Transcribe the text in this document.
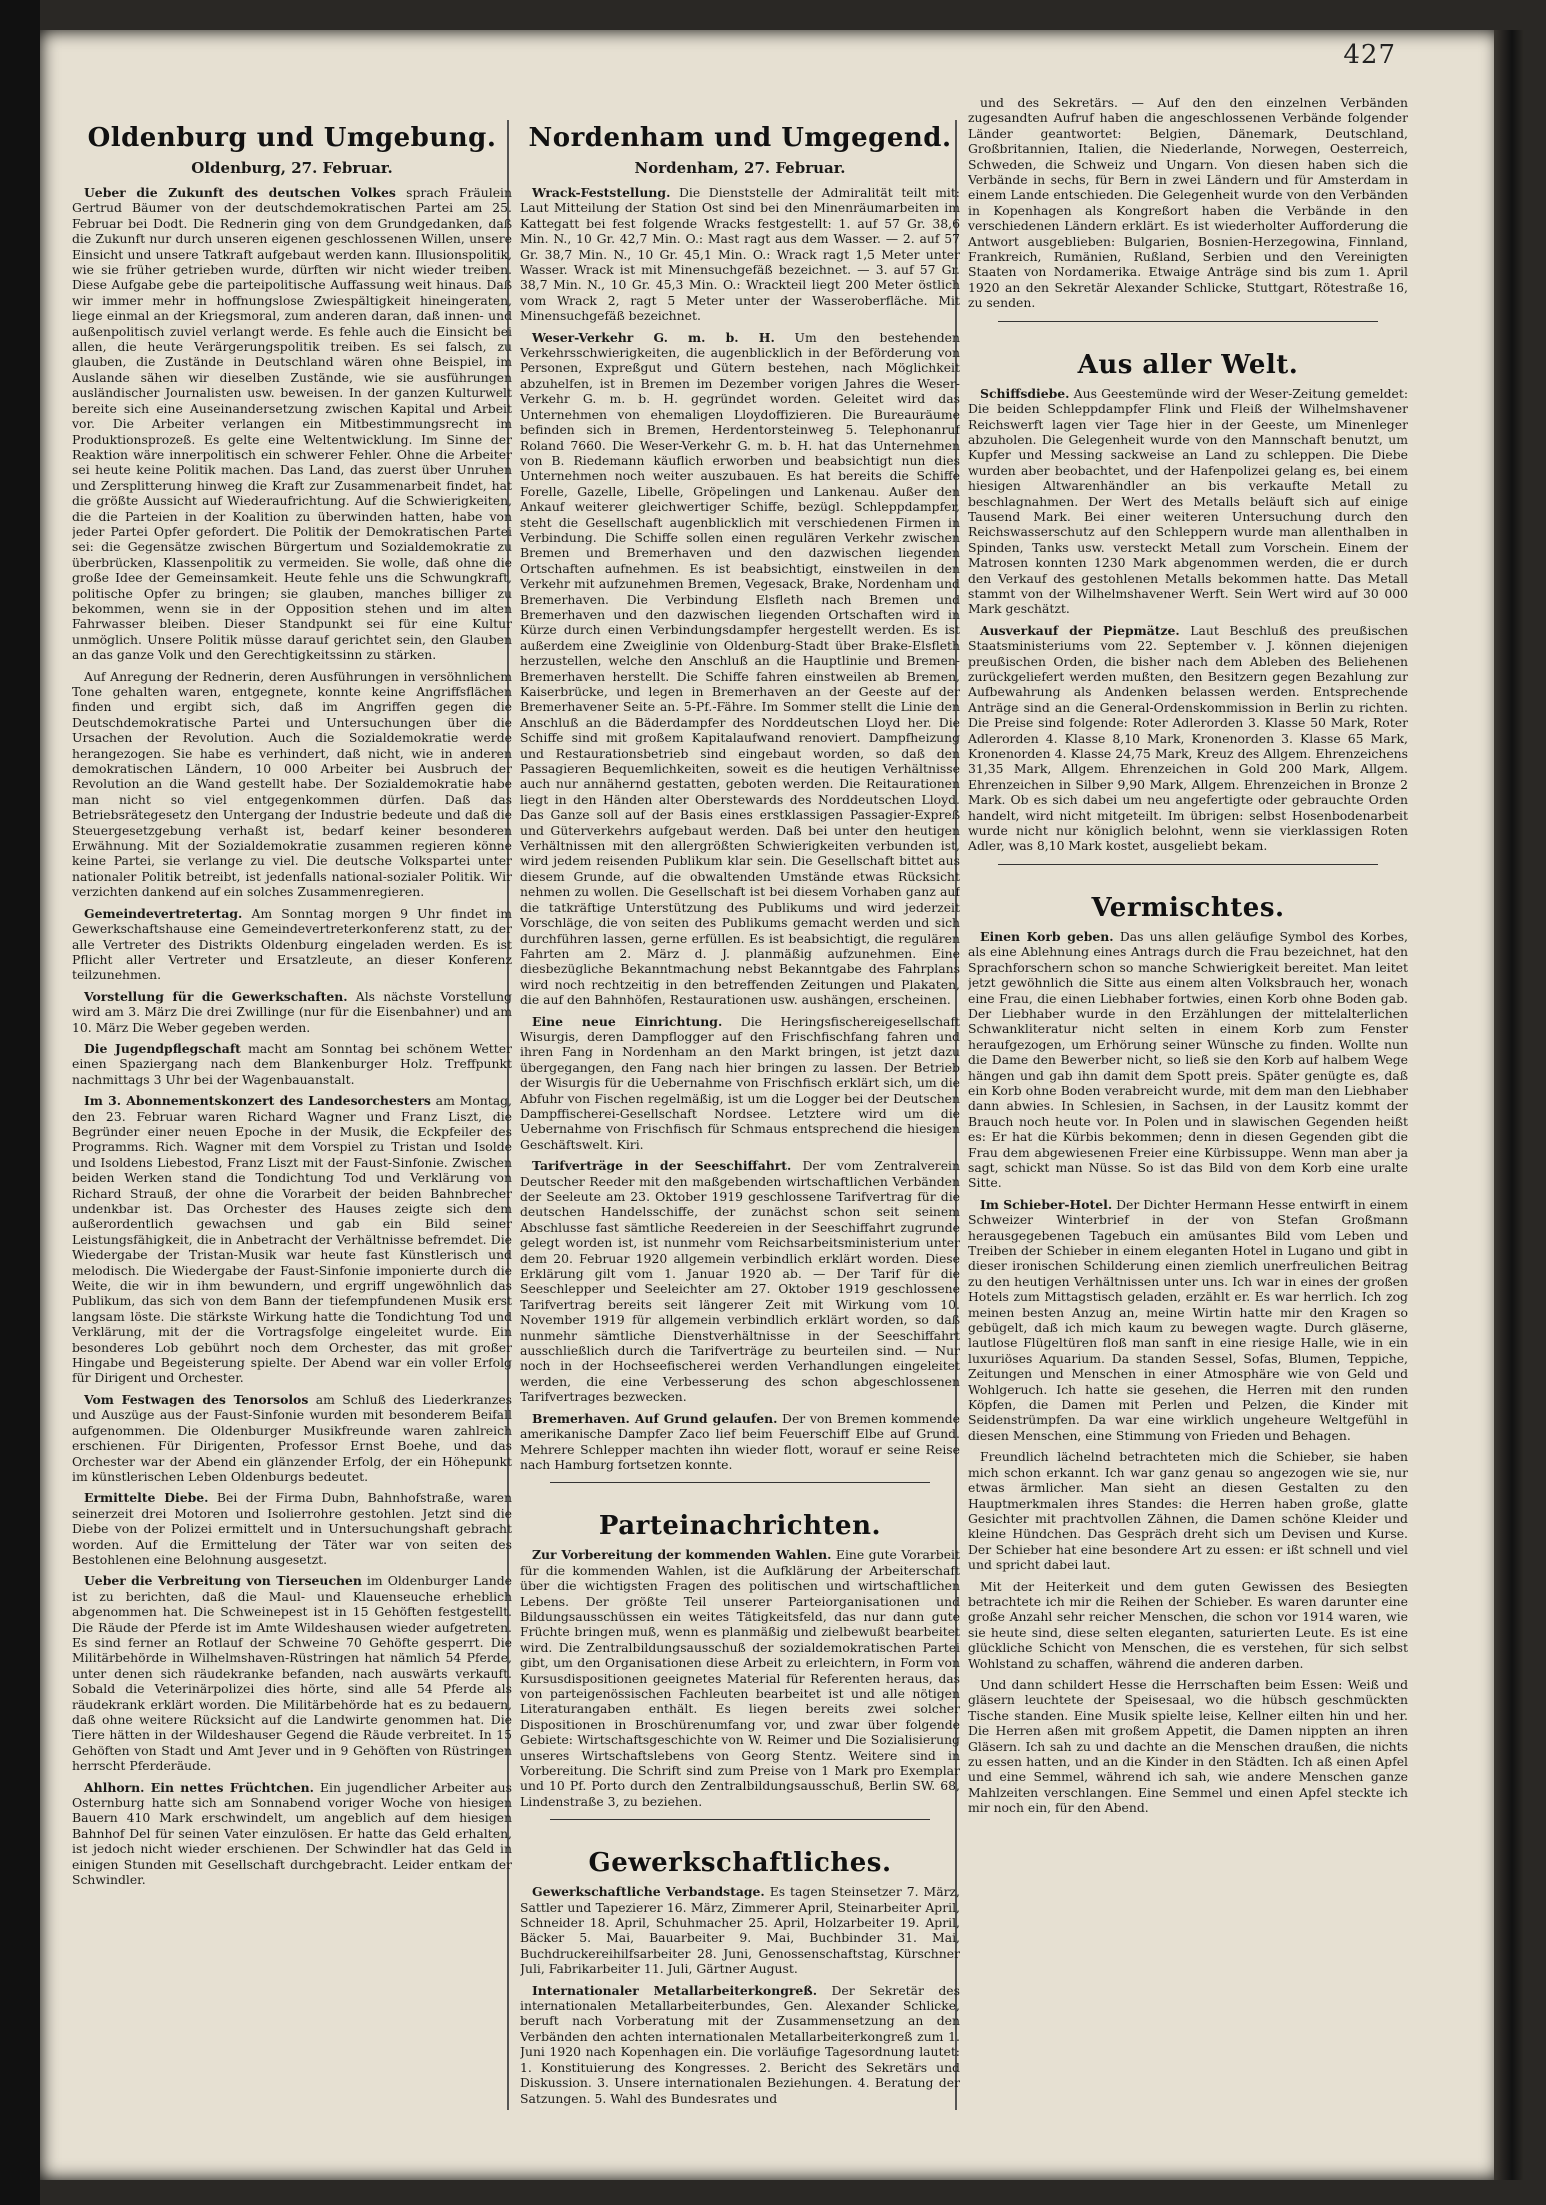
427
Oldenburg und Umgebung.
Oldenburg, 27. Februar.

Ueber die Zukunft des deutschen Volkes sprach Fräulein Gertrud Bäumer von der deutschdemokratischen Partei am 25. Februar bei Dodt. Die Rednerin ging von dem Grundgedanken, daß die Zukunft nur durch unseren eigenen geschlossenen Willen, unsere Einsicht und unsere Tatkraft aufgebaut werden kann. Illusionspolitik, wie sie früher getrieben wurde, dürften wir nicht wieder treiben. Diese Aufgabe gebe die parteipolitische Auffassung weit hinaus. Daß wir immer mehr in hoffnungslose Zwiespältigkeit hineingeraten, liege einmal an der Kriegsmoral, zum anderen daran, daß innen- und außenpolitisch zuviel verlangt werde. Es fehle auch die Einsicht bei allen, die heute Verärgerungspolitik treiben. Es sei falsch, zu glauben, die Zustände in Deutschland wären ohne Beispiel, im Auslande sähen wir dieselben Zustände, wie sie ausführungen ausländischer Journalisten usw. beweisen. In der ganzen Kulturwelt bereite sich eine Auseinandersetzung zwischen Kapital und Arbeit vor. Die Arbeiter verlangen ein Mitbestimmungsrecht im Produktionsprozeß. Es gelte eine Weltentwicklung. Im Sinne der Reaktion wäre innerpolitisch ein schwerer Fehler. Ohne die Arbeiter sei heute keine Politik machen. Das Land, das zuerst über Unruhen und Zersplitterung hinweg die Kraft zur Zusammenarbeit findet, hat die größte Aussicht auf Wiederaufrichtung. Auf die Schwierigkeiten, die die Parteien in der Koalition zu überwinden hatten, habe von jeder Partei Opfer gefordert. Die Politik der Demokratischen Partei sei: die Gegensätze zwischen Bürgertum und Sozialdemokratie zu überbrücken, Klassenpolitik zu vermeiden. Sie wolle, daß ohne die große Idee der Gemeinsamkeit. Heute fehle uns die Schwungkraft, politische Opfer zu bringen; sie glauben, manches billiger zu bekommen, wenn sie in der Opposition stehen und im alten Fahrwasser bleiben. Dieser Standpunkt sei für eine Kultur unmöglich. Unsere Politik müsse darauf gerichtet sein, den Glauben an das ganze Volk und den Gerechtigkeitssinn zu stärken.

Auf Anregung der Rednerin, deren Ausführungen in versöhnlichem Tone gehalten waren, entgegnete, konnte keine Angriffsflächen finden und ergibt sich, daß im Angriffen gegen die Deutschdemokratische Partei und Untersuchungen über die Ursachen der Revolution. Auch die Sozialdemokratie werde herangezogen. Sie habe es verhindert, daß nicht, wie in anderen demokratischen Ländern, 10 000 Arbeiter bei Ausbruch der Revolution an die Wand gestellt habe. Der Sozialdemokratie habe man nicht so viel entgegenkommen dürfen. Daß das Betriebsrätegesetz den Untergang der Industrie bedeute und daß die Steuergesetzgebung verhaßt ist, bedarf keiner besonderen Erwähnung. Mit der Sozialdemokratie zusammen regieren könne keine Partei, sie verlange zu viel. Die deutsche Volkspartei unter nationaler Politik betreibt, ist jedenfalls national-sozialer Politik. Wir verzichten dankend auf ein solches Zusammenregieren.

Gemeindevertretertag. Am Sonntag morgen 9 Uhr findet im Gewerkschaftshause eine Gemeindevertreterkonferenz statt, zu der alle Vertreter des Distrikts Oldenburg eingeladen werden. Es ist Pflicht aller Vertreter und Ersatzleute, an dieser Konferenz teilzunehmen.

Vorstellung für die Gewerkschaften. Als nächste Vorstellung wird am 3. März Die drei Zwillinge (nur für die Eisenbahner) und am 10. März Die Weber gegeben werden.

Die Jugendpflegschaft macht am Sonntag bei schönem Wetter einen Spaziergang nach dem Blankenburger Holz. Treffpunkt nachmittags 3 Uhr bei der Wagenbauanstalt.

Im 3. Abonnementskonzert des Landesorchesters am Montag, den 23. Februar waren Richard Wagner und Franz Liszt, die Begründer einer neuen Epoche in der Musik, die Eckpfeiler des Programms. Rich. Wagner mit dem Vorspiel zu Tristan und Isolde und Isoldens Liebestod, Franz Liszt mit der Faust-Sinfonie. Zwischen beiden Werken stand die Tondichtung Tod und Verklärung von Richard Strauß, der ohne die Vorarbeit der beiden Bahnbrecher undenkbar ist. Das Orchester des Hauses zeigte sich dem außerordentlich gewachsen und gab ein Bild seiner Leistungsfähigkeit, die in Anbetracht der Verhältnisse befremdet. Die Wiedergabe der Tristan-Musik war heute fast Künstlerisch und melodisch. Die Wiedergabe der Faust-Sinfonie imponierte durch die Weite, die wir in ihm bewundern, und ergriff ungewöhnlich das Publikum, das sich von dem Bann der tiefempfundenen Musik erst langsam löste. Die stärkste Wirkung hatte die Tondichtung Tod und Verklärung, mit der die Vortragsfolge eingeleitet wurde. Ein besonderes Lob gebührt noch dem Orchester, das mit großer Hingabe und Begeisterung spielte. Der Abend war ein voller Erfolg für Dirigent und Orchester.

Vom Festwagen des Tenorsolos am Schluß des Liederkranzes und Auszüge aus der Faust-Sinfonie wurden mit besonderem Beifall aufgenommen. Die Oldenburger Musikfreunde waren zahlreich erschienen. Für Dirigenten, Professor Ernst Boehe, und das Orchester war der Abend ein glänzender Erfolg, der ein Höhepunkt im künstlerischen Leben Oldenburgs bedeutet.

Ermittelte Diebe. Bei der Firma Dubn, Bahnhofstraße, waren seinerzeit drei Motoren und Isolierrohre gestohlen. Jetzt sind die Diebe von der Polizei ermittelt und in Untersuchungshaft gebracht worden. Auf die Ermittelung der Täter war von seiten des Bestohlenen eine Belohnung ausgesetzt.

Ueber die Verbreitung von Tierseuchen im Oldenburger Lande ist zu berichten, daß die Maul- und Klauenseuche erheblich abgenommen hat. Die Schweinepest ist in 15 Gehöften festgestellt. Die Räude der Pferde ist im Amte Wildeshausen wieder aufgetreten. Es sind ferner an Rotlauf der Schweine 70 Gehöfte gesperrt. Die Militärbehörde in Wilhelmshaven-Rüstringen hat nämlich 54 Pferde, unter denen sich räudekranke befanden, nach auswärts verkauft. Sobald die Veterinärpolizei dies hörte, sind alle 54 Pferde als räudekrank erklärt worden. Die Militärbehörde hat es zu bedauern, daß ohne weitere Rücksicht auf die Landwirte genommen hat. Die Tiere hätten in der Wildeshauser Gegend die Räude verbreitet. In 15 Gehöften von Stadt und Amt Jever und in 9 Gehöften von Rüstringen herrscht Pferderäude.

Ahlhorn. Ein nettes Früchtchen. Ein jugendlicher Arbeiter aus Osternburg hatte sich am Sonnabend voriger Woche von hiesigen Bauern 410 Mark erschwindelt, um angeblich auf dem hiesigen Bahnhof Del für seinen Vater einzulösen. Er hatte das Geld erhalten, ist jedoch nicht wieder erschienen. Der Schwindler hat das Geld in einigen Stunden mit Gesellschaft durchgebracht. Leider entkam der Schwindler.

Nordenham und Umgegend.
Nordenham, 27. Februar.

Wrack-Feststellung. Die Dienststelle der Admiralität teilt mit: Laut Mitteilung der Station Ost sind bei den Minenräumarbeiten im Kattegatt bei fest folgende Wracks festgestellt: 1. auf 57 Gr. 38,6 Min. N., 10 Gr. 42,7 Min. O.: Mast ragt aus dem Wasser. — 2. auf 57 Gr. 38,7 Min. N., 10 Gr. 45,1 Min. O.: Wrack ragt 1,5 Meter unter Wasser. Wrack ist mit Minensuchgefäß bezeichnet. — 3. auf 57 Gr. 38,7 Min. N., 10 Gr. 45,3 Min. O.: Wrackteil liegt 200 Meter östlich vom Wrack 2, ragt 5 Meter unter der Wasseroberfläche. Mit Minensuchgefäß bezeichnet.

Weser-Verkehr G. m. b. H. Um den bestehenden Verkehrsschwierigkeiten, die augenblicklich in der Beförderung von Personen, Expreßgut und Gütern bestehen, nach Möglichkeit abzuhelfen, ist in Bremen im Dezember vorigen Jahres die Weser-Verkehr G. m. b. H. gegründet worden. Geleitet wird das Unternehmen von ehemaligen Lloydoffizieren. Die Bureauräume befinden sich in Bremen, Herdentorsteinweg 5. Telephonanruf Roland 7660. Die Weser-Verkehr G. m. b. H. hat das Unternehmen von B. Riedemann käuflich erworben und beabsichtigt nun dies Unternehmen noch weiter auszubauen. Es hat bereits die Schiffe Forelle, Gazelle, Libelle, Gröpelingen und Lankenau. Außer den Ankauf weiterer gleichwertiger Schiffe, bezügl. Schleppdampfer, steht die Gesellschaft augenblicklich mit verschiedenen Firmen in Verbindung. Die Schiffe sollen einen regulären Verkehr zwischen Bremen und Bremerhaven und den dazwischen liegenden Ortschaften aufnehmen. Es ist beabsichtigt, einstweilen in den Verkehr mit aufzunehmen Bremen, Vegesack, Brake, Nordenham und Bremerhaven. Die Verbindung Elsfleth nach Bremen und Bremerhaven und den dazwischen liegenden Ortschaften wird in Kürze durch einen Verbindungsdampfer hergestellt werden. Es ist außerdem eine Zweiglinie von Oldenburg-Stadt über Brake-Elsfleth herzustellen, welche den Anschluß an die Hauptlinie und Bremen-Bremerhaven herstellt. Die Schiffe fahren einstweilen ab Bremen, Kaiserbrücke, und legen in Bremerhaven an der Geeste auf der Bremerhavener Seite an. 5-Pf.-Fähre. Im Sommer stellt die Linie den Anschluß an die Bäderdampfer des Norddeutschen Lloyd her. Die Schiffe sind mit großem Kapitalaufwand renoviert. Dampfheizung und Restaurationsbetrieb sind eingebaut worden, so daß den Passagieren Bequemlichkeiten, soweit es die heutigen Verhältnisse auch nur annähernd gestatten, geboten werden. Die Reitaurationen liegt in den Händen alter Oberstewards des Norddeutschen Lloyd. Das Ganze soll auf der Basis eines erstklassigen Passagier-Expreß und Güterverkehrs aufgebaut werden. Daß bei unter den heutigen Verhältnissen mit den allergrößten Schwierigkeiten verbunden ist, wird jedem reisenden Publikum klar sein. Die Gesellschaft bittet aus diesem Grunde, auf die obwaltenden Umstände etwas Rücksicht nehmen zu wollen. Die Gesellschaft ist bei diesem Vorhaben ganz auf die tatkräftige Unterstützung des Publikums und wird jederzeit Vorschläge, die von seiten des Publikums gemacht werden und sich durchführen lassen, gerne erfüllen. Es ist beabsichtigt, die regulären Fahrten am 2. März d. J. planmäßig aufzunehmen. Eine diesbezügliche Bekanntmachung nebst Bekanntgabe des Fahrplans wird noch rechtzeitig in den betreffenden Zeitungen und Plakaten, die auf den Bahnhöfen, Restaurationen usw. aushängen, erscheinen.

Eine neue Einrichtung. Die Heringsfischereigesellschaft Wisurgis, deren Dampflogger auf den Frischfischfang fahren und ihren Fang in Nordenham an den Markt bringen, ist jetzt dazu übergegangen, den Fang nach hier bringen zu lassen. Der Betrieb der Wisurgis für die Uebernahme von Frischfisch erklärt sich, um die Abfuhr von Fischen regelmäßig, ist um die Logger bei der Deutschen Dampffischerei-Gesellschaft Nordsee. Letztere wird um die Uebernahme von Frischfisch für Schmaus entsprechend die hiesigen Geschäftswelt. Kiri.

Tarifverträge in der Seeschiffahrt. Der vom Zentralverein Deutscher Reeder mit den maßgebenden wirtschaftlichen Verbänden der Seeleute am 23. Oktober 1919 geschlossene Tarifvertrag für die deutschen Handelsschiffe, der zunächst schon seit seinem Abschlusse fast sämtliche Reedereien in der Seeschiffahrt zugrunde gelegt worden ist, ist nunmehr vom Reichsarbeitsministerium unter dem 20. Februar 1920 allgemein verbindlich erklärt worden. Diese Erklärung gilt vom 1. Januar 1920 ab. — Der Tarif für die Seeschlepper und Seeleichter am 27. Oktober 1919 geschlossene Tarifvertrag bereits seit längerer Zeit mit Wirkung vom 10. November 1919 für allgemein verbindlich erklärt worden, so daß nunmehr sämtliche Dienstverhältnisse in der Seeschiffahrt ausschließlich durch die Tarifverträge zu beurteilen sind. — Nur noch in der Hochseefischerei werden Verhandlungen eingeleitet werden, die eine Verbesserung des schon abgeschlossenen Tarifvertrages bezwecken.

Bremerhaven. Auf Grund gelaufen. Der von Bremen kommende amerikanische Dampfer Zaco lief beim Feuerschiff Elbe auf Grund. Mehrere Schlepper machten ihn wieder flott, worauf er seine Reise nach Hamburg fortsetzen konnte.

Parteinachrichten.

Zur Vorbereitung der kommenden Wahlen. Eine gute Vorarbeit für die kommenden Wahlen, ist die Aufklärung der Arbeiterschaft über die wichtigsten Fragen des politischen und wirtschaftlichen Lebens. Der größte Teil unserer Parteiorganisationen und Bildungsausschüssen ein weites Tätigkeitsfeld, das nur dann gute Früchte bringen muß, wenn es planmäßig und zielbewußt bearbeitet wird. Die Zentralbildungsausschuß der sozialdemokratischen Partei gibt, um den Organisationen diese Arbeit zu erleichtern, in Form von Kursusdispositionen geeignetes Material für Referenten heraus, das von parteigenössischen Fachleuten bearbeitet ist und alle nötigen Literaturangaben enthält. Es liegen bereits zwei solcher Dispositionen in Broschürenumfang vor, und zwar über folgende Gebiete: Wirtschaftsgeschichte von W. Reimer und Die Sozialisierung unseres Wirtschaftslebens von Georg Stentz. Weitere sind in Vorbereitung. Die Schrift sind zum Preise von 1 Mark pro Exemplar und 10 Pf. Porto durch den Zentralbildungsausschuß, Berlin SW. 68, Lindenstraße 3, zu beziehen.

Gewerkschaftliches.

Gewerkschaftliche Verbandstage. Es tagen Steinsetzer 7. März, Sattler und Tapezierer 16. März, Zimmerer April, Steinarbeiter April, Schneider 18. April, Schuhmacher 25. April, Holzarbeiter 19. April, Bäcker 5. Mai, Bauarbeiter 9. Mai, Buchbinder 31. Mai, Buchdruckereihilfsarbeiter 28. Juni, Genossenschaftstag, Kürschner Juli, Fabrikarbeiter 11. Juli, Gärtner August.

Internationaler Metallarbeiterkongreß. Der Sekretär des internationalen Metallarbeiterbundes, Gen. Alexander Schlicke, beruft nach Vorberatung mit der Zusammensetzung an den Verbänden den achten internationalen Metallarbeiterkongreß zum 1. Juni 1920 nach Kopenhagen ein. Die vorläufige Tagesordnung lautet: 1. Konstituierung des Kongresses. 2. Bericht des Sekretärs und Diskussion. 3. Unsere internationalen Beziehungen. 4. Beratung der Satzungen. 5. Wahl des Bundesrates und

und des Sekretärs. — Auf den den einzelnen Verbänden zugesandten Aufruf haben die angeschlossenen Verbände folgender Länder geantwortet: Belgien, Dänemark, Deutschland, Großbritannien, Italien, die Niederlande, Norwegen, Oesterreich, Schweden, die Schweiz und Ungarn. Von diesen haben sich die Verbände in sechs, für Bern in zwei Ländern und für Amsterdam in einem Lande entschieden. Die Gelegenheit wurde von den Verbänden in Kopenhagen als Kongreßort haben die Verbände in den verschiedenen Ländern erklärt. Es ist wiederholter Aufforderung die Antwort ausgeblieben: Bulgarien, Bosnien-Herzegowina, Finnland, Frankreich, Rumänien, Rußland, Serbien und den Vereinigten Staaten von Nordamerika. Etwaige Anträge sind bis zum 1. April 1920 an den Sekretär Alexander Schlicke, Stuttgart, Rötestraße 16, zu senden.

Aus aller Welt.

Schiffsdiebe. Aus Geestemünde wird der Weser-Zeitung gemeldet: Die beiden Schleppdampfer Flink und Fleiß der Wilhelmshavener Reichswerft lagen vier Tage hier in der Geeste, um Minenleger abzuholen. Die Gelegenheit wurde von den Mannschaft benutzt, um Kupfer und Messing sackweise an Land zu schleppen. Die Diebe wurden aber beobachtet, und der Hafenpolizei gelang es, bei einem hiesigen Altwarenhändler an bis verkaufte Metall zu beschlagnahmen. Der Wert des Metalls beläuft sich auf einige Tausend Mark. Bei einer weiteren Untersuchung durch den Reichswasserschutz auf den Schleppern wurde man allenthalben in Spinden, Tanks usw. versteckt Metall zum Vorschein. Einem der Matrosen konnten 1230 Mark abgenommen werden, die er durch den Verkauf des gestohlenen Metalls bekommen hatte. Das Metall stammt von der Wilhelmshavener Werft. Sein Wert wird auf 30 000 Mark geschätzt.

Ausverkauf der Piepmätze. Laut Beschluß des preußischen Staatsministeriums vom 22. September v. J. können diejenigen preußischen Orden, die bisher nach dem Ableben des Beliehenen zurückgeliefert werden mußten, den Besitzern gegen Bezahlung zur Aufbewahrung als Andenken belassen werden. Entsprechende Anträge sind an die General-Ordenskommission in Berlin zu richten. Die Preise sind folgende: Roter Adlerorden 3. Klasse 50 Mark, Roter Adlerorden 4. Klasse 8,10 Mark, Kronenorden 3. Klasse 65 Mark, Kronenorden 4. Klasse 24,75 Mark, Kreuz des Allgem. Ehrenzeichens 31,35 Mark, Allgem. Ehrenzeichen in Gold 200 Mark, Allgem. Ehrenzeichen in Silber 9,90 Mark, Allgem. Ehrenzeichen in Bronze 2 Mark. Ob es sich dabei um neu angefertigte oder gebrauchte Orden handelt, wird nicht mitgeteilt. Im übrigen: selbst Hosenbodenarbeit wurde nicht nur königlich belohnt, wenn sie vierklassigen Roten Adler, was 8,10 Mark kostet, ausgeliebt bekam.

Vermischtes.

Einen Korb geben. Das uns allen geläufige Symbol des Korbes, als eine Ablehnung eines Antrags durch die Frau bezeichnet, hat den Sprachforschern schon so manche Schwierigkeit bereitet. Man leitet jetzt gewöhnlich die Sitte aus einem alten Volksbrauch her, wonach eine Frau, die einen Liebhaber fortwies, einen Korb ohne Boden gab. Der Liebhaber wurde in den Erzählungen der mittelalterlichen Schwankliteratur nicht selten in einem Korb zum Fenster heraufgezogen, um Erhörung seiner Wünsche zu finden. Wollte nun die Dame den Bewerber nicht, so ließ sie den Korb auf halbem Wege hängen und gab ihn damit dem Spott preis. Später genügte es, daß ein Korb ohne Boden verabreicht wurde, mit dem man den Liebhaber dann abwies. In Schlesien, in Sachsen, in der Lausitz kommt der Brauch noch heute vor. In Polen und in slawischen Gegenden heißt es: Er hat die Kürbis bekommen; denn in diesen Gegenden gibt die Frau dem abgewiesenen Freier eine Kürbissuppe. Wenn man aber ja sagt, schickt man Nüsse. So ist das Bild von dem Korb eine uralte Sitte.

Im Schieber-Hotel. Der Dichter Hermann Hesse entwirft in einem Schweizer Winterbrief in der von Stefan Großmann herausgegebenen Tagebuch ein amüsantes Bild vom Leben und Treiben der Schieber in einem eleganten Hotel in Lugano und gibt in dieser ironischen Schilderung einen ziemlich unerfreulichen Beitrag zu den heutigen Verhältnissen unter uns. Ich war in eines der großen Hotels zum Mittagstisch geladen, erzählt er. Es war herrlich. Ich zog meinen besten Anzug an, meine Wirtin hatte mir den Kragen so gebügelt, daß ich mich kaum zu bewegen wagte. Durch gläserne, lautlose Flügeltüren floß man sanft in eine riesige Halle, wie in ein luxuriöses Aquarium. Da standen Sessel, Sofas, Blumen, Teppiche, Zeitungen und Menschen in einer Atmosphäre wie von Geld und Wohlgeruch. Ich hatte sie gesehen, die Herren mit den runden Köpfen, die Damen mit Perlen und Pelzen, die Kinder mit Seidenstrümpfen. Da war eine wirklich ungeheure Weltgefühl in diesen Menschen, eine Stimmung von Frieden und Behagen.

Freundlich lächelnd betrachteten mich die Schieber, sie haben mich schon erkannt. Ich war ganz genau so angezogen wie sie, nur etwas ärmlicher. Man sieht an diesen Gestalten zu den Hauptmerkmalen ihres Standes: die Herren haben große, glatte Gesichter mit prachtvollen Zähnen, die Damen schöne Kleider und kleine Hündchen. Das Gespräch dreht sich um Devisen und Kurse. Der Schieber hat eine besondere Art zu essen: er ißt schnell und viel und spricht dabei laut.

Mit der Heiterkeit und dem guten Gewissen des Besiegten betrachtete ich mir die Reihen der Schieber. Es waren darunter eine große Anzahl sehr reicher Menschen, die schon vor 1914 waren, wie sie heute sind, diese selten eleganten, saturierten Leute. Es ist eine glückliche Schicht von Menschen, die es verstehen, für sich selbst Wohlstand zu schaffen, während die anderen darben.

Und dann schildert Hesse die Herrschaften beim Essen: Weiß und gläsern leuchtete der Speisesaal, wo die hübsch geschmückten Tische standen. Eine Musik spielte leise, Kellner eilten hin und her. Die Herren aßen mit großem Appetit, die Damen nippten an ihren Gläsern. Ich sah zu und dachte an die Menschen draußen, die nichts zu essen hatten, und an die Kinder in den Städten. Ich aß einen Apfel und eine Semmel, während ich sah, wie andere Menschen ganze Mahlzeiten verschlangen. Eine Semmel und einen Apfel steckte ich mir noch ein, für den Abend.
